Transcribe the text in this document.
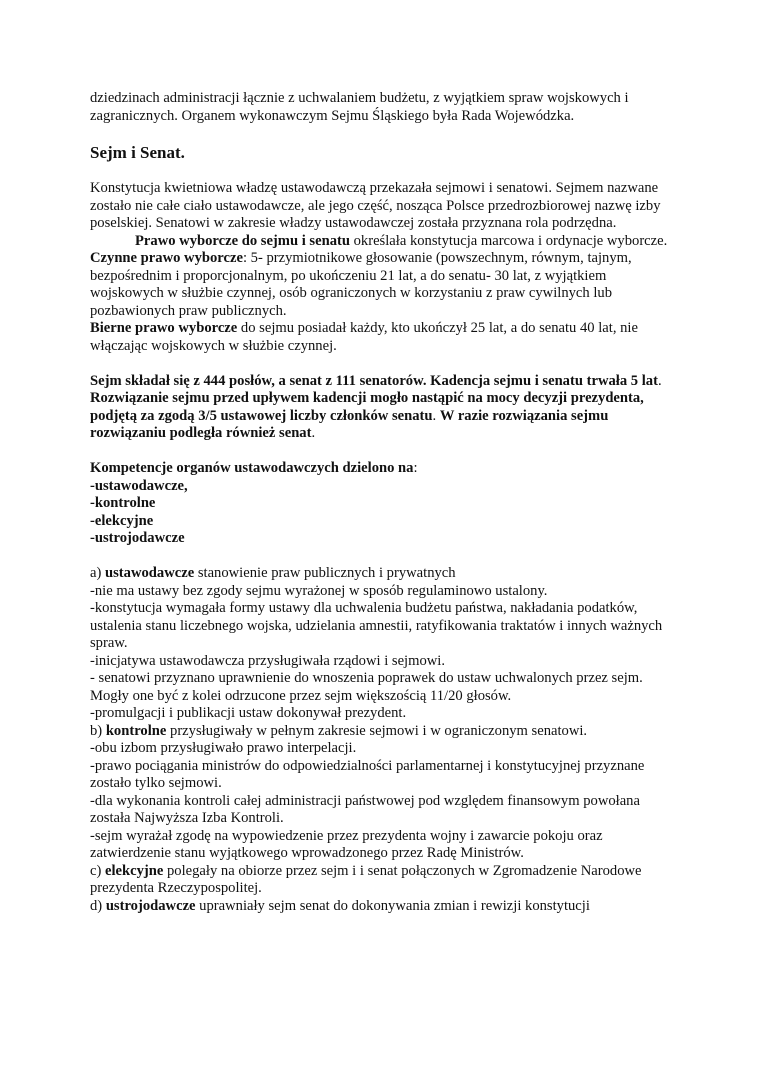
dziedzinach administracji łącznie z uchwalaniem budżetu, z wyjątkiem spraw wojskowych i

zagranicznych. Organem wykonawczym Sejmu Śląskiego była Rada Wojewódzka.

Sejm i Senat.

Konstytucja kwietniowa władzę ustawodawczą przekazała sejmowi i senatowi. Sejmem nazwane zostało nie całe ciało ustawodawcze, ale jego część, nosząca Polsce przedrozbiorowej nazwę izby poselskiej. Senatowi w zakresie władzy ustawodawczej została przyznana rola podrzędna.

Prawo wyborcze do sejmu i senatu określała konstytucja marcowa i ordynacje wyborcze.

Czynne prawo wyborcze: 5- przymiotnikowe głosowanie (powszechnym, równym, tajnym, bezpośrednim i proporcjonalnym, po ukończeniu 21 lat, a do senatu- 30 lat, z wyjątkiem wojskowych w służbie czynnej, osób ograniczonych w korzystaniu z praw cywilnych lub pozbawionych praw publicznych.

Bierne prawo wyborcze do sejmu posiadał każdy, kto ukończył 25 lat, a do senatu 40 lat, nie włączając wojskowych w służbie czynnej.

Sejm składał się z 444 posłów, a senat z 111 senatorów. Kadencja sejmu i senatu trwała 5 lat. Rozwiązanie sejmu przed upływem kadencji mogło nastąpić na mocy decyzji prezydenta, podjętą za zgodą 3/5 ustawowej liczby członków senatu. W razie rozwiązania sejmu rozwiązaniu podległa również senat.

Kompetencje organów ustawodawczych dzielono na:

-ustawodawcze,

-kontrolne

-elekcyjne

-ustrojodawcze

a) ustawodawcze stanowienie praw publicznych i prywatnych

-nie ma ustawy bez zgody sejmu wyrażonej w sposób regulaminowo ustalony.

-konstytucja wymagała formy ustawy dla uchwalenia budżetu państwa, nakładania podatków, ustalenia stanu liczebnego wojska, udzielania amnestii, ratyfikowania traktatów i innych ważnych spraw.

-inicjatywa ustawodawcza przysługiwała rządowi i sejmowi.

- senatowi przyznano uprawnienie do wnoszenia poprawek do ustaw uchwalonych przez sejm. Mogły one być z kolei odrzucone przez sejm większością 11/20 głosów.

-promulgacji i publikacji ustaw dokonywał prezydent.

b) kontrolne przysługiwały w pełnym zakresie sejmowi i w ograniczonym senatowi.

-obu izbom przysługiwało prawo interpelacji.

-prawo pociągania ministrów do odpowiedzialności parlamentarnej i konstytucyjnej przyznane zostało tylko sejmowi.

-dla wykonania kontroli całej administracji państwowej pod względem finansowym powołana została Najwyższa Izba Kontroli.

-sejm wyrażał zgodę na wypowiedzenie przez prezydenta wojny i zawarcie pokoju oraz zatwierdzenie stanu wyjątkowego wprowadzonego przez Radę Ministrów.

c) elekcyjne polegały na obiorze przez sejm i i senat połączonych w Zgromadzenie Narodowe prezydenta Rzeczypospolitej.

d) ustrojodawcze uprawniały sejm senat do dokonywania zmian i rewizji konstytucji
